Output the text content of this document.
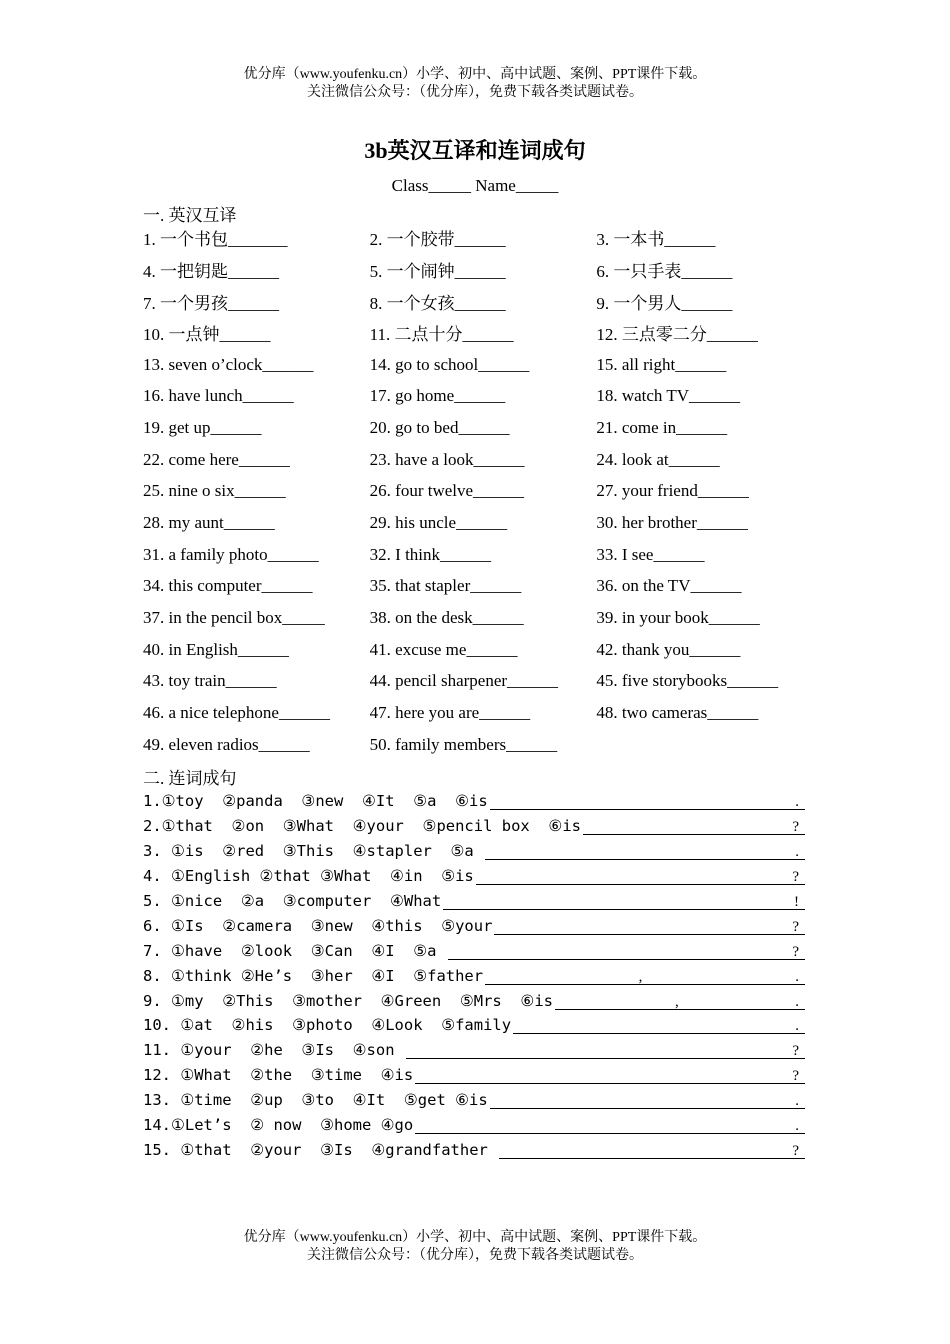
优分库（www.youfenku.cn）小学、初中、高中试题、案例、PPT课件下载。
关注微信公众号：（优分库），免费下载各类试题试卷。
3b英汉互译和连词成句
Class_____ Name_____
一. 英汉互译
1. 一个书包_______	2. 一个胶带______	3. 一本书______
4. 一把钥匙______	5. 一个闹钟______	6. 一只手表______
7. 一个男孩______	8. 一个女孩______	9. 一个男人______
10. 一点钟______	11. 二点十分______	12. 三点零二分______
13. seven o’clock______	14. go to school______	15. all right______
16. have lunch______	17. go home______	18. watch TV______
19. get up______	20. go to bed______	21. come in______
22. come here______	23. have a look______	24. look at______
25. nine o six______	26. four twelve______	27. your friend______
28. my aunt______	29. his uncle______	30. her brother______
31. a family photo______	32. I think______	33. I see______
34. this computer______	35. that stapler______	36. on the TV______
37. in the pencil box_____	38. on the desk______	39. in your book______
40. in English______	41. excuse me______	42. thank you______
43. toy train______	44. pencil sharpener______	45. five storybooks______
46. a nice telephone______	47. here you are______	48. two cameras______
49. eleven radios______	50. family members______
二. 连词成句
1.①toy  ②panda  ③new  ④It  ⑤a  ⑥is	.
2.①that  ②on  ③What  ④your  ⑤pencil box  ⑥is	?
3. ①is  ②red  ③This  ④stapler  ⑤a	.
4. ①English ②that ③What  ④in  ⑤is	?
5. ①nice  ②a  ③computer  ④What	!
6. ①Is  ②camera  ③new  ④this  ⑤your	?
7. ①have  ②look  ③Can  ④I  ⑤a	?
8. ①think ②He’s  ③her  ④I  ⑤father	,	.
9. ①my  ②This  ③mother  ④Green  ⑤Mrs  ⑥is	,	.
10. ①at  ②his  ③photo  ④Look  ⑤family	.
11. ①your  ②he  ③Is  ④son	?
12. ①What  ②the  ③time  ④is	?
13. ①time  ②up  ③to  ④It  ⑤get ⑥is	.
14.①Let’s  ② now  ③home ④go	.
15. ①that  ②your  ③Is  ④grandfather	?
优分库（www.youfenku.cn）小学、初中、高中试题、案例、PPT课件下载。
关注微信公众号：（优分库），免费下载各类试题试卷。
